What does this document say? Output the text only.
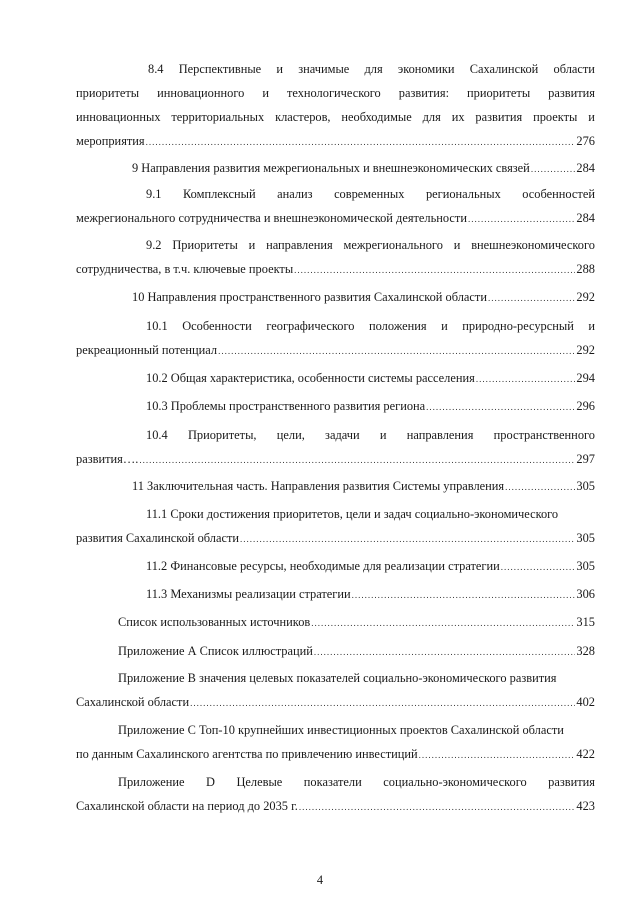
8.4 Перспективные и значимые для экономики Сахалинской области
приоритеты инновационного и технологического развития: приоритеты развития
инновационных территориальных кластеров, необходимые для их развития проекты и
мероприятия .....	276
9 Направления развития межрегиональных и внешнеэкономических связей .....	284
9.1 Комплексный анализ современных региональных особенностей
межрегионального сотрудничества и внешнеэкономической деятельности .....	284
9.2 Приоритеты и направления межрегионального и внешнеэкономического
сотрудничества, в т.ч. ключевые проекты .....	288
10 Направления пространственного развития Сахалинской области .....	292
10.1 Особенности географического положения и природно-ресурсный и
рекреационный потенциал .....	292
10.2 Общая характеристика, особенности системы расселения .....	294
10.3 Проблемы пространственного развития региона .....	296
10.4 Приоритеты, цели, задачи и направления пространственного
развития…. .....	297
11 Заключительная часть. Направления развития Системы управления .....	305
11.1 Сроки достижения приоритетов, цели и задач социально-экономического
развития Сахалинской области .....	305
11.2 Финансовые ресурсы, необходимые для реализации стратегии .....	305
11.3 Механизмы реализации стратегии .....	306
Список использованных источников .....	315
Приложение А Список иллюстраций .....	328
Приложение В значения целевых показателей социально-экономического развития
Сахалинской области .....	402
Приложение С Топ-10 крупнейших инвестиционных проектов Сахалинской области
по данным Сахалинского агентства по привлечению инвестиций .....	422
Приложение D Целевые показатели социально-экономического развития
Сахалинской области на период до 2035 г. .....	423
4
